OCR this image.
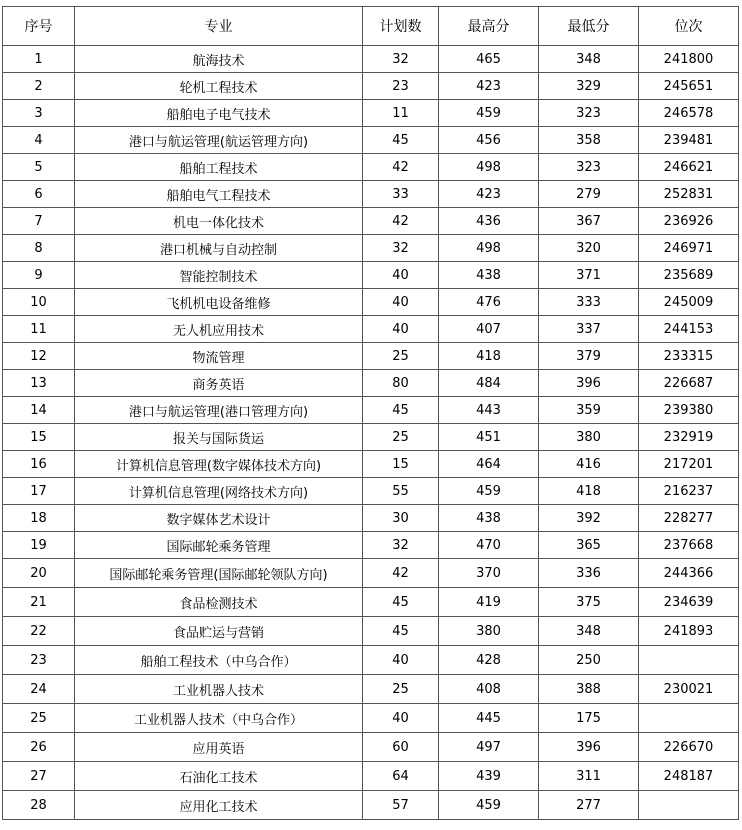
序号	专业	计划数	最高分	最低分	位次
1	航海技术	32	465	348	241800
2	轮机工程技术	23	423	329	245651
3	船舶电子电气技术	11	459	323	246578
4	港口与航运管理(航运管理方向)	45	456	358	239481
5	船舶工程技术	42	498	323	246621
6	船舶电气工程技术	33	423	279	252831
7	机电一体化技术	42	436	367	236926
8	港口机械与自动控制	32	498	320	246971
9	智能控制技术	40	438	371	235689
10	飞机机电设备维修	40	476	333	245009
11	无人机应用技术	40	407	337	244153
12	物流管理	25	418	379	233315
13	商务英语	80	484	396	226687
14	港口与航运管理(港口管理方向)	45	443	359	239380
15	报关与国际货运	25	451	380	232919
16	计算机信息管理(数字媒体技术方向)	15	464	416	217201
17	计算机信息管理(网络技术方向)	55	459	418	216237
18	数字媒体艺术设计	30	438	392	228277
19	国际邮轮乘务管理	32	470	365	237668
20	国际邮轮乘务管理(国际邮轮领队方向)	42	370	336	244366
21	食品检测技术	45	419	375	234639
22	食品贮运与营销	45	380	348	241893
23	船舶工程技术（中乌合作）	40	428	250	
24	工业机器人技术	25	408	388	230021
25	工业机器人技术（中乌合作）	40	445	175	
26	应用英语	60	497	396	226670
27	石油化工技术	64	439	311	248187
28	应用化工技术	57	459	277	
